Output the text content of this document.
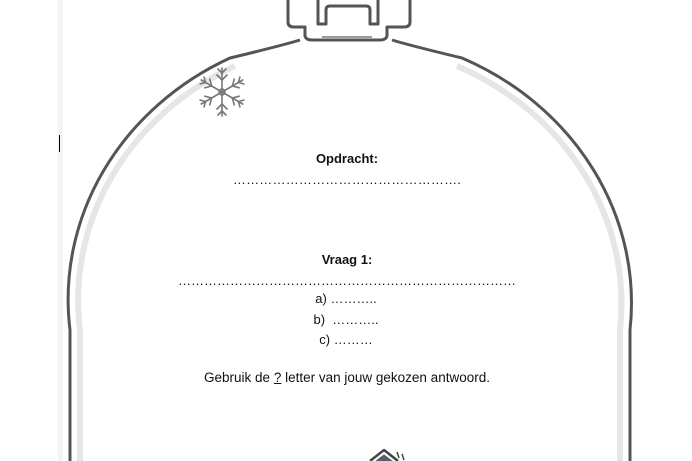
Opdracht:
…………………………………………….
Vraag 1:
……………………………………………………………………
a) ………..
b)  ………..
c) ………
Gebruik de ? letter van jouw gekozen antwoord.
